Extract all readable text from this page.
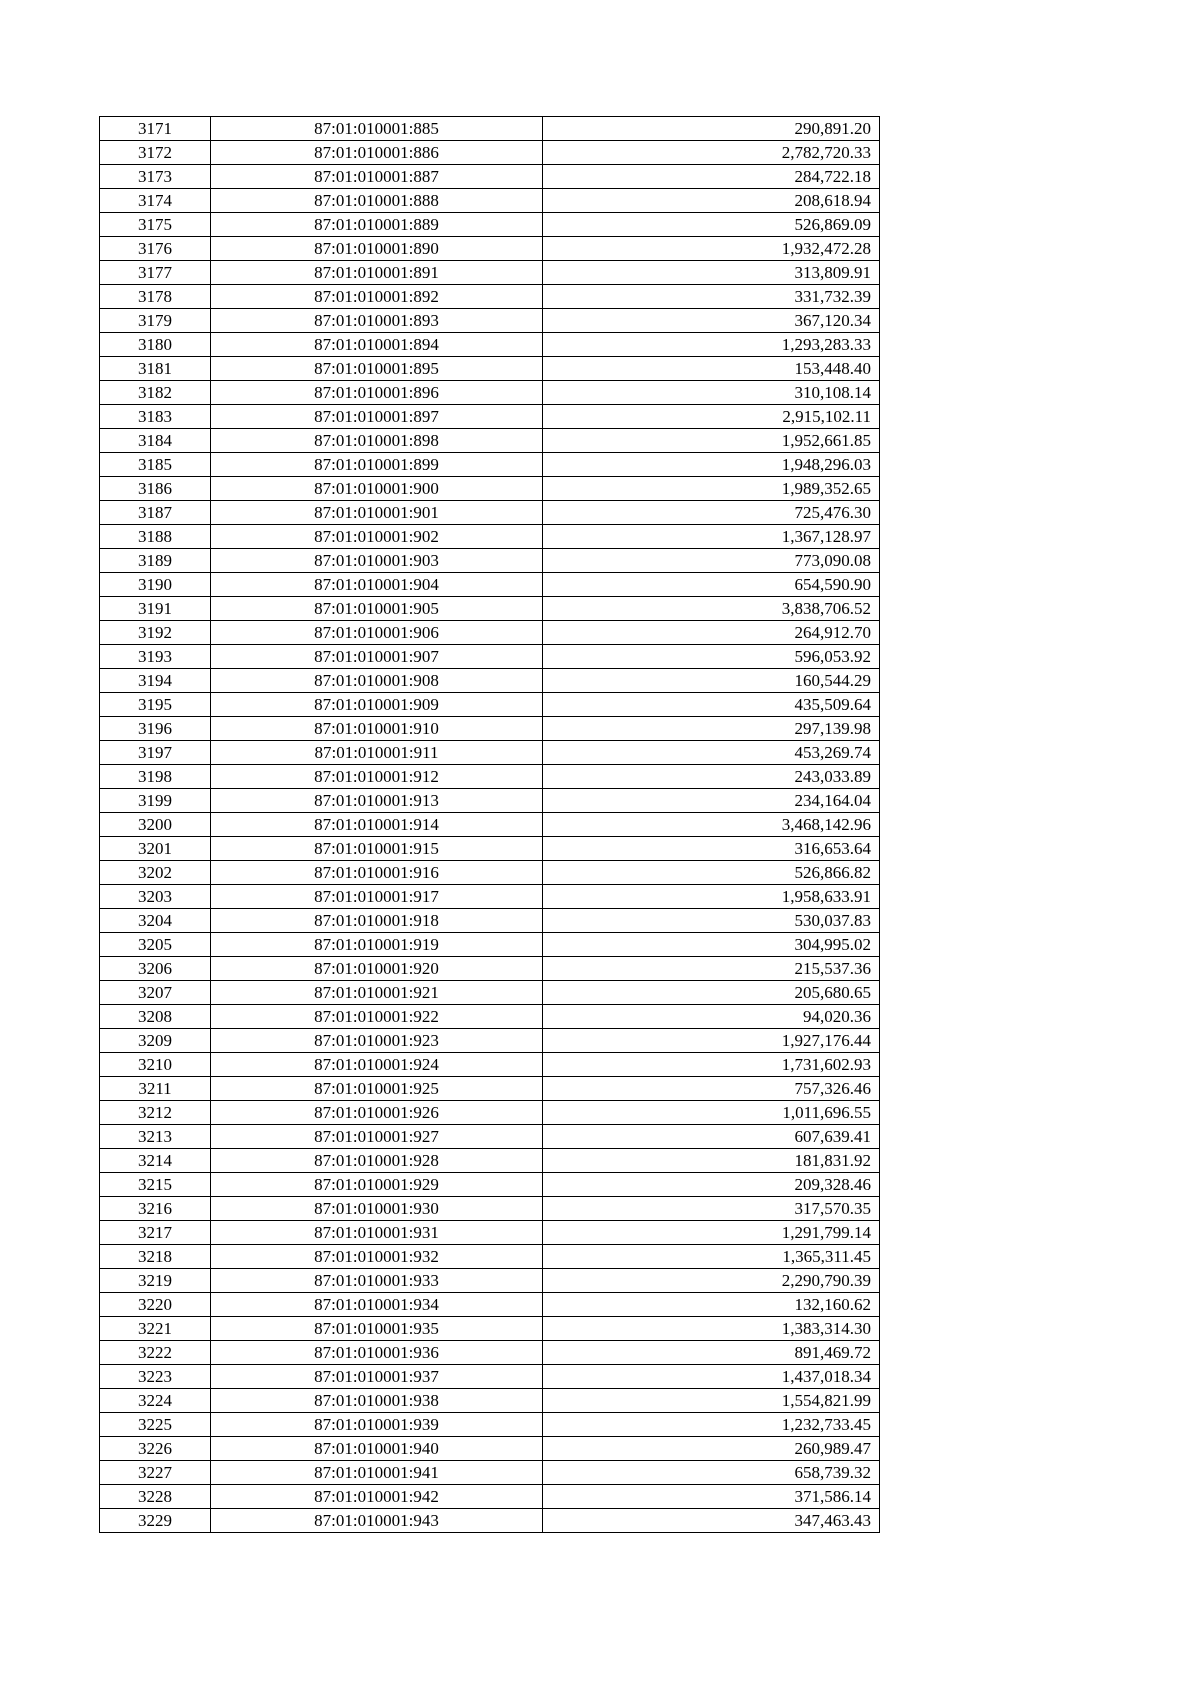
3171	87:01:010001:885	290,891.20
3172	87:01:010001:886	2,782,720.33
3173	87:01:010001:887	284,722.18
3174	87:01:010001:888	208,618.94
3175	87:01:010001:889	526,869.09
3176	87:01:010001:890	1,932,472.28
3177	87:01:010001:891	313,809.91
3178	87:01:010001:892	331,732.39
3179	87:01:010001:893	367,120.34
3180	87:01:010001:894	1,293,283.33
3181	87:01:010001:895	153,448.40
3182	87:01:010001:896	310,108.14
3183	87:01:010001:897	2,915,102.11
3184	87:01:010001:898	1,952,661.85
3185	87:01:010001:899	1,948,296.03
3186	87:01:010001:900	1,989,352.65
3187	87:01:010001:901	725,476.30
3188	87:01:010001:902	1,367,128.97
3189	87:01:010001:903	773,090.08
3190	87:01:010001:904	654,590.90
3191	87:01:010001:905	3,838,706.52
3192	87:01:010001:906	264,912.70
3193	87:01:010001:907	596,053.92
3194	87:01:010001:908	160,544.29
3195	87:01:010001:909	435,509.64
3196	87:01:010001:910	297,139.98
3197	87:01:010001:911	453,269.74
3198	87:01:010001:912	243,033.89
3199	87:01:010001:913	234,164.04
3200	87:01:010001:914	3,468,142.96
3201	87:01:010001:915	316,653.64
3202	87:01:010001:916	526,866.82
3203	87:01:010001:917	1,958,633.91
3204	87:01:010001:918	530,037.83
3205	87:01:010001:919	304,995.02
3206	87:01:010001:920	215,537.36
3207	87:01:010001:921	205,680.65
3208	87:01:010001:922	94,020.36
3209	87:01:010001:923	1,927,176.44
3210	87:01:010001:924	1,731,602.93
3211	87:01:010001:925	757,326.46
3212	87:01:010001:926	1,011,696.55
3213	87:01:010001:927	607,639.41
3214	87:01:010001:928	181,831.92
3215	87:01:010001:929	209,328.46
3216	87:01:010001:930	317,570.35
3217	87:01:010001:931	1,291,799.14
3218	87:01:010001:932	1,365,311.45
3219	87:01:010001:933	2,290,790.39
3220	87:01:010001:934	132,160.62
3221	87:01:010001:935	1,383,314.30
3222	87:01:010001:936	891,469.72
3223	87:01:010001:937	1,437,018.34
3224	87:01:010001:938	1,554,821.99
3225	87:01:010001:939	1,232,733.45
3226	87:01:010001:940	260,989.47
3227	87:01:010001:941	658,739.32
3228	87:01:010001:942	371,586.14
3229	87:01:010001:943	347,463.43
